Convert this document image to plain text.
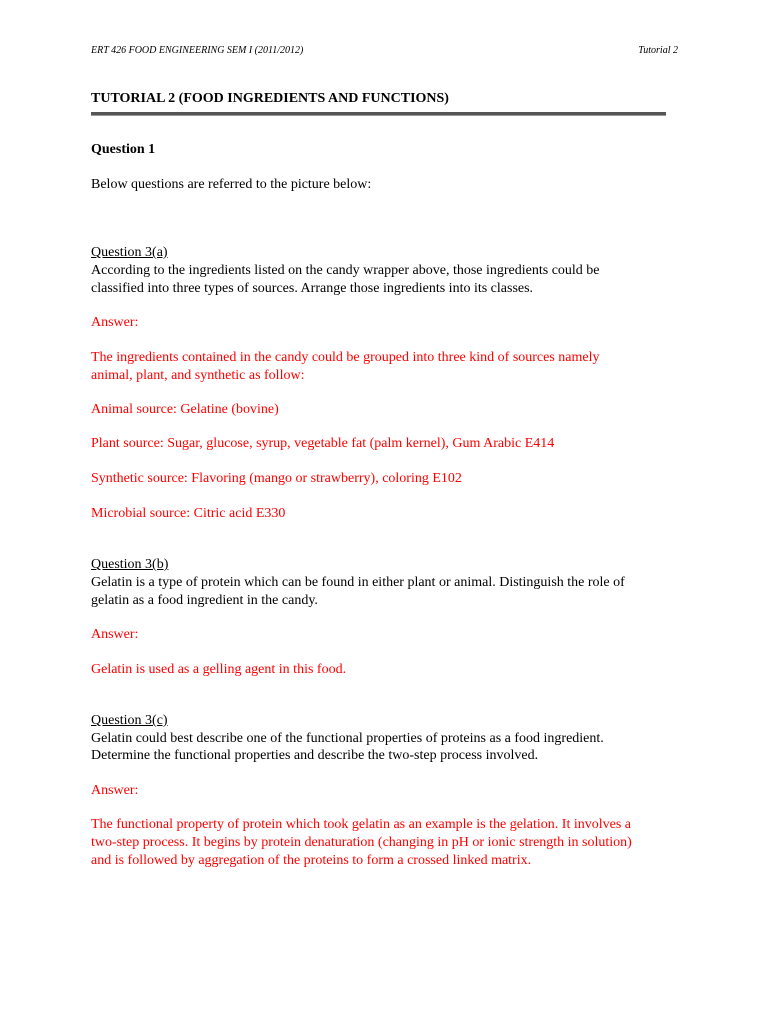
ERT 426 FOOD ENGINEERING SEM I (2011/2012)	Tutorial 2
TUTORIAL 2 (FOOD INGREDIENTS AND FUNCTIONS)
Question 1
Below questions are referred to the picture below:
Question 3(a)
According to the ingredients listed on the candy wrapper above, those ingredients could be
classified into three types of sources. Arrange those ingredients into its classes.
Answer:
The ingredients contained in the candy could be grouped into three kind of sources namely
animal, plant, and synthetic as follow:
Animal source: Gelatine (bovine)
Plant source: Sugar, glucose, syrup, vegetable fat (palm kernel), Gum Arabic E414
Synthetic source: Flavoring (mango or strawberry), coloring E102
Microbial source: Citric acid E330
Question 3(b)
Gelatin is a type of protein which can be found in either plant or animal. Distinguish the role of
gelatin as a food ingredient in the candy.
Answer:
Gelatin is used as a gelling agent in this food.
Question 3(c)
Gelatin could best describe one of the functional properties of proteins as a food ingredient.
Determine the functional properties and describe the two-step process involved.
Answer:
The functional property of protein which took gelatin as an example is the gelation. It involves a
two-step process. It begins by protein denaturation (changing in pH or ionic strength in solution)
and is followed by aggregation of the proteins to form a crossed linked matrix.
